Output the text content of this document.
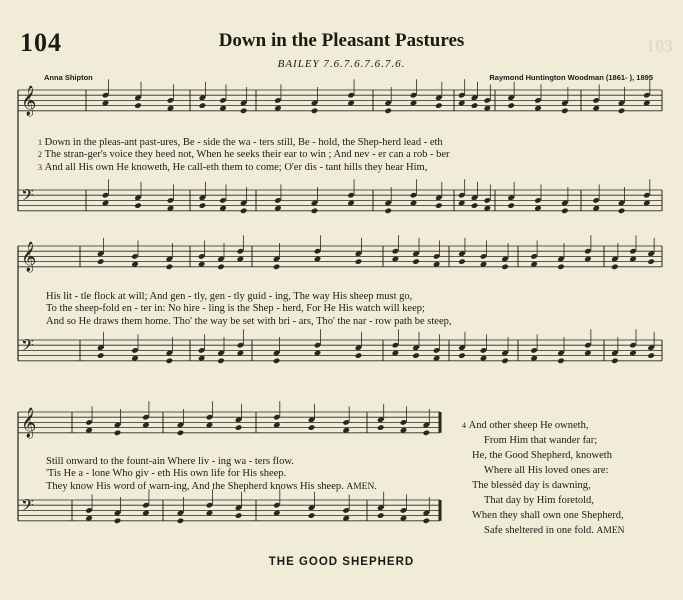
103
104	Down in the Pleasant Pastures
BAILEY 7.6.7.6.7.6.7.6.
Anna Shipton	Raymond Huntington Woodman (1861- ), 1895
𝄞
𝄢
𝄞
𝄢
𝄞
𝄢
1 Down in the pleas-ant past-ures, Be - side the wa - ters still, Be - hold, the Shep-herd lead - eth
2 The stran-ger's voice they heed not, When he seeks their ear to win ; And nev - er can a rob - ber
3 And all His own He knoweth, He call-eth them to come; O'er dis - tant hills they hear Him,
His lit - tle flock at will; And gen - tly, gen - tly guid - ing, The way His sheep must go,
To the sheep-fold en - ter in: No hire - ling is the Shep - herd, For He His watch will keep;
And so He draws them home. Tho' the way be set with bri - ars, Tho' the nar - row path be steep,
Still onward to the fount-ain Where liv - ing wa - ters flow.
'Tis He a - lone Who giv - eth His own life for His sheep.
They know His word of warn-ing, And the Shepherd knows His sheep. AMEN.
4 And other sheep He owneth,
From Him that wander far;
He, the Good Shepherd, knoweth
Where all His loved ones are:
The blessèd day is dawning,
That day by Him foretold,
When they shall own one Shepherd,
Safe sheltered in one fold. AMEN
THE GOOD SHEPHERD
